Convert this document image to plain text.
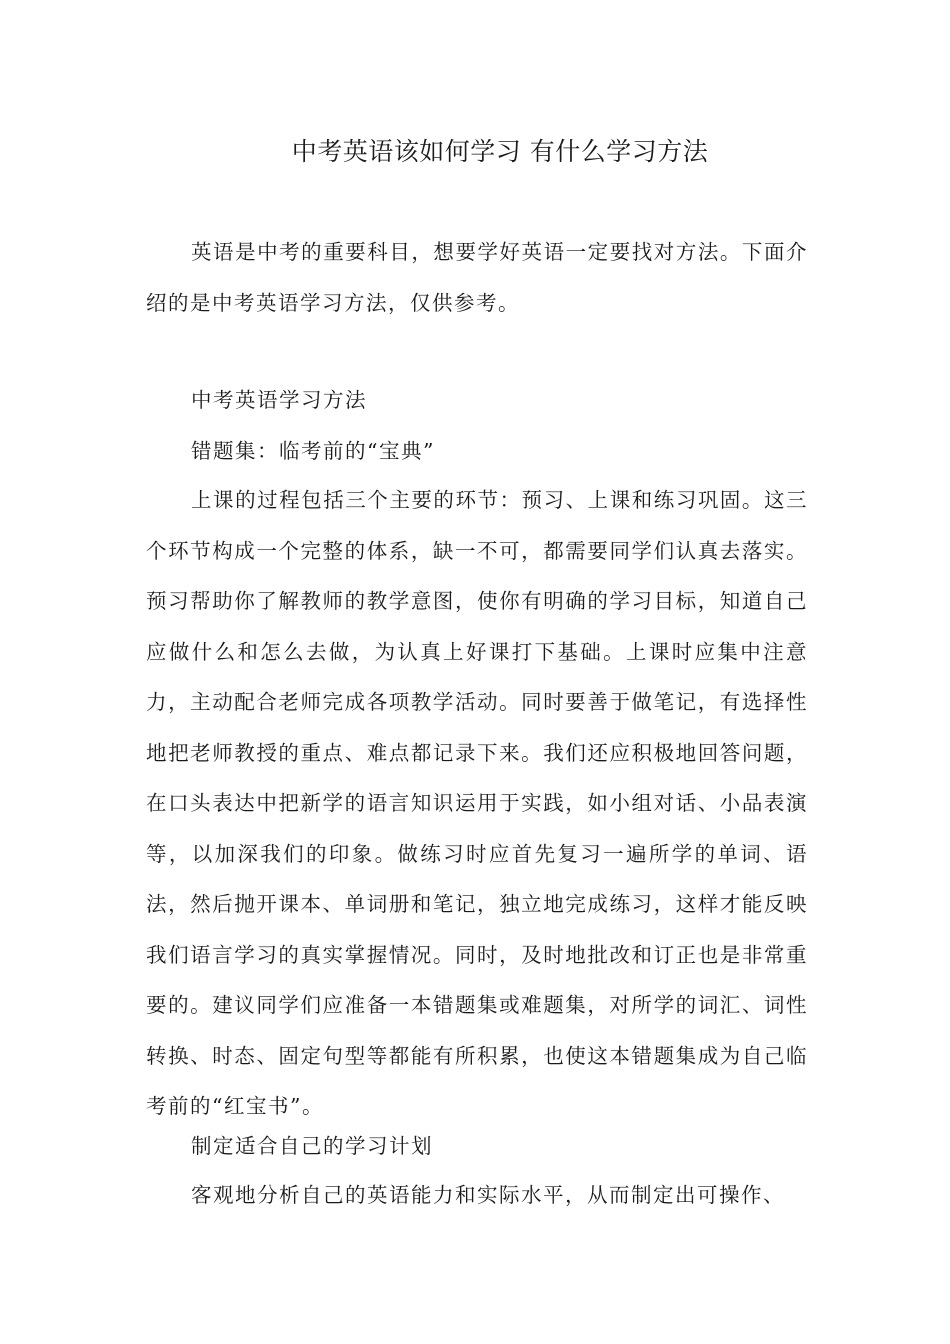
中考英语该如何学习 有什么学习方法

英语是中考的重要科目，想要学好英语一定要找对方法。下面介绍的是中考英语学习方法，仅供参考。

中考英语学习方法

错题集：临考前的“宝典”

上课的过程包括三个主要的环节：预习、上课和练习巩固。这三个环节构成一个完整的体系，缺一不可，都需要同学们认真去落实。预习帮助你了解教师的教学意图，使你有明确的学习目标，知道自己应做什么和怎么去做，为认真上好课打下基础。上课时应集中注意力，主动配合老师完成各项教学活动。同时要善于做笔记，有选择性地把老师教授的重点、难点都记录下来。我们还应积极地回答问题，在口头表达中把新学的语言知识运用于实践，如小组对话、小品表演等，以加深我们的印象。做练习时应首先复习一遍所学的单词、语法，然后抛开课本、单词册和笔记，独立地完成练习，这样才能反映我们语言学习的真实掌握情况。同时，及时地批改和订正也是非常重要的。建议同学们应准备一本错题集或难题集，对所学的词汇、词性转换、时态、固定句型等都能有所积累，也使这本错题集成为自己临考前的“红宝书”。

制定适合自己的学习计划

客观地分析自己的英语能力和实际水平，从而制定出可操作、
